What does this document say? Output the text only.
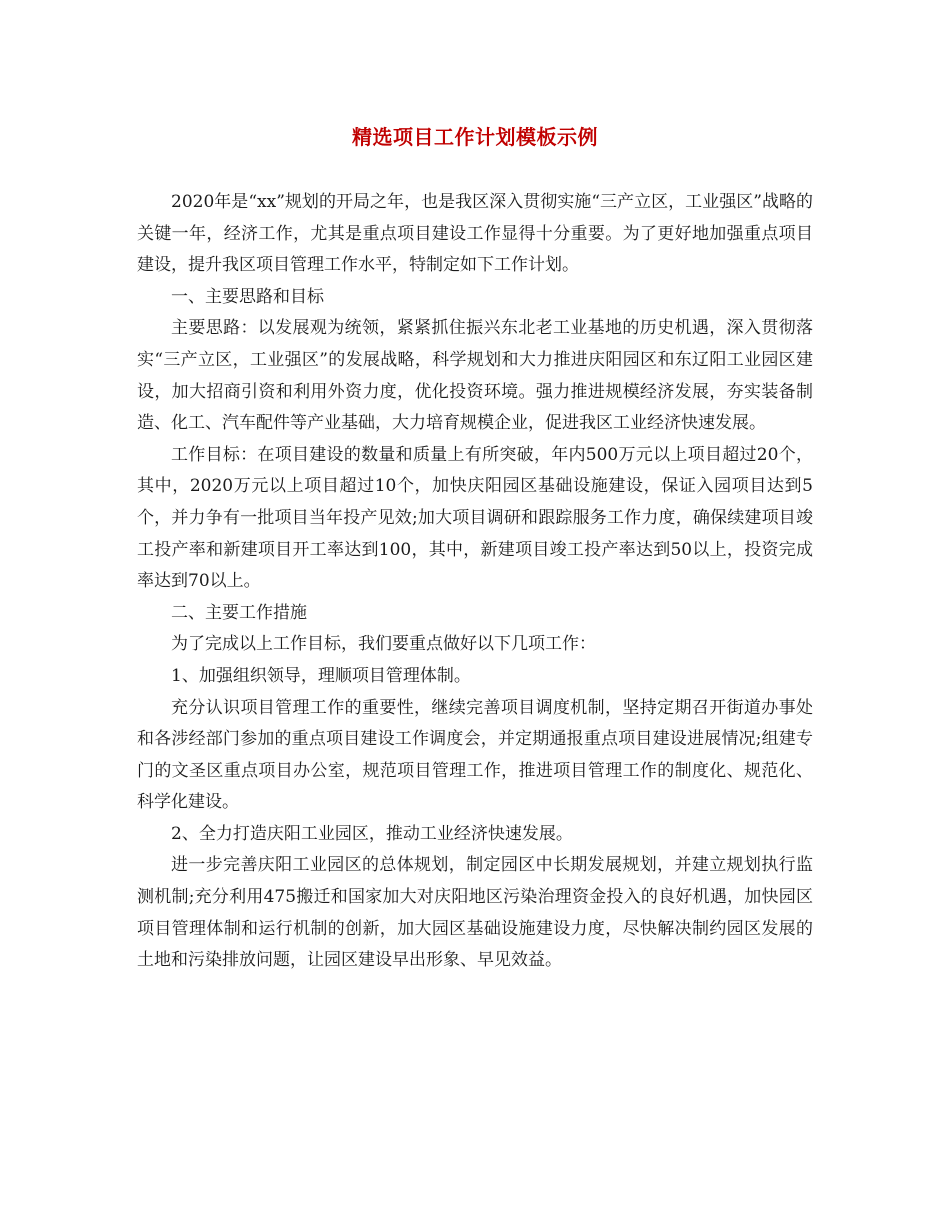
精选项目工作计划模板示例

2020年是“xx”规划的开局之年，也是我区深入贯彻实施“三产立区，工业强区”战略的关键一年，经济工作，尤其是重点项目建设工作显得十分重要。为了更好地加强重点项目建设，提升我区项目管理工作水平，特制定如下工作计划。

一、主要思路和目标

主要思路：以发展观为统领，紧紧抓住振兴东北老工业基地的历史机遇，深入贯彻落实“三产立区，工业强区”的发展战略，科学规划和大力推进庆阳园区和东辽阳工业园区建设，加大招商引资和利用外资力度，优化投资环境。强力推进规模经济发展，夯实装备制造、化工、汽车配件等产业基础，大力培育规模企业，促进我区工业经济快速发展。

工作目标：在项目建设的数量和质量上有所突破，年内500万元以上项目超过20个，其中，2020万元以上项目超过10个，加快庆阳园区基础设施建设，保证入园项目达到5个，并力争有一批项目当年投产见效;加大项目调研和跟踪服务工作力度，确保续建项目竣工投产率和新建项目开工率达到100，其中，新建项目竣工投产率达到50以上，投资完成率达到70以上。

二、主要工作措施

为了完成以上工作目标，我们要重点做好以下几项工作：

1、加强组织领导，理顺项目管理体制。

充分认识项目管理工作的重要性，继续完善项目调度机制，坚持定期召开街道办事处和各涉经部门参加的重点项目建设工作调度会，并定期通报重点项目建设进展情况;组建专门的文圣区重点项目办公室，规范项目管理工作，推进项目管理工作的制度化、规范化、科学化建设。

2、全力打造庆阳工业园区，推动工业经济快速发展。

进一步完善庆阳工业园区的总体规划，制定园区中长期发展规划，并建立规划执行监测机制;充分利用475搬迁和国家加大对庆阳地区污染治理资金投入的良好机遇，加快园区项目管理体制和运行机制的创新，加大园区基础设施建设力度，尽快解决制约园区发展的土地和污染排放问题，让园区建设早出形象、早见效益。
